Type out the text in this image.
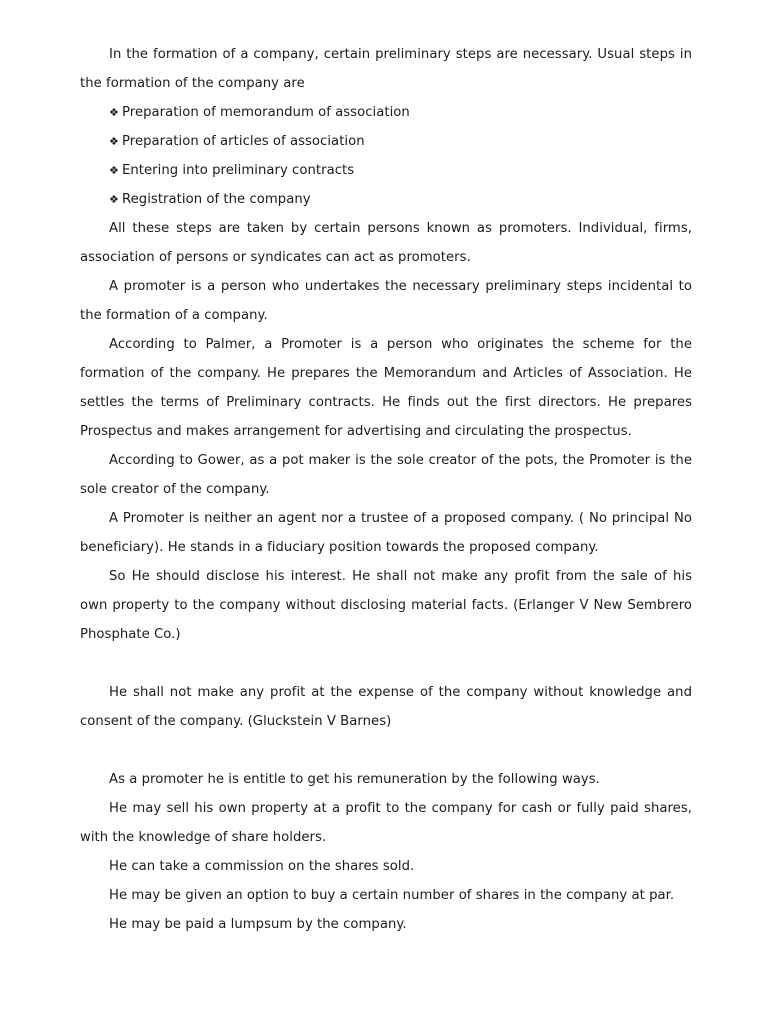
In the formation of a company, certain preliminary steps are necessary. Usual steps in the formation of the company are

❖ Preparation of memorandum of association

❖ Preparation of articles of association

❖ Entering into preliminary contracts

❖ Registration of the company

All these steps are taken by certain persons known as promoters. Individual, firms, association of persons or syndicates can act as promoters.

A promoter is a person who undertakes the necessary preliminary steps incidental to the formation of a company.

According to Palmer, a Promoter is a person who originates the scheme for the formation of the company. He prepares the Memorandum and Articles of Association. He settles the terms of Preliminary contracts. He finds out the first directors. He prepares Prospectus and makes arrangement for advertising and circulating the prospectus.

According to Gower, as a pot maker is the sole creator of the pots, the Promoter is the sole creator of the company.

A Promoter is neither an agent nor a trustee of a proposed company. ( No principal No beneficiary). He stands in a fiduciary position towards the proposed company.

So He should disclose his interest. He shall not make any profit from the sale of his own property to the company without disclosing material facts. (Erlanger V New Sembrero Phosphate Co.)

He shall not make any profit at the expense of the company without knowledge and consent of the company. (Gluckstein V Barnes)

As a promoter he is entitle to get his remuneration by the following ways.

He may sell his own property at a profit to the company for cash or fully paid shares, with the knowledge of share holders.

He can take a commission on the shares sold.

He may be given an option to buy a certain number of shares in the company at par.

He may be paid a lumpsum by the company.
